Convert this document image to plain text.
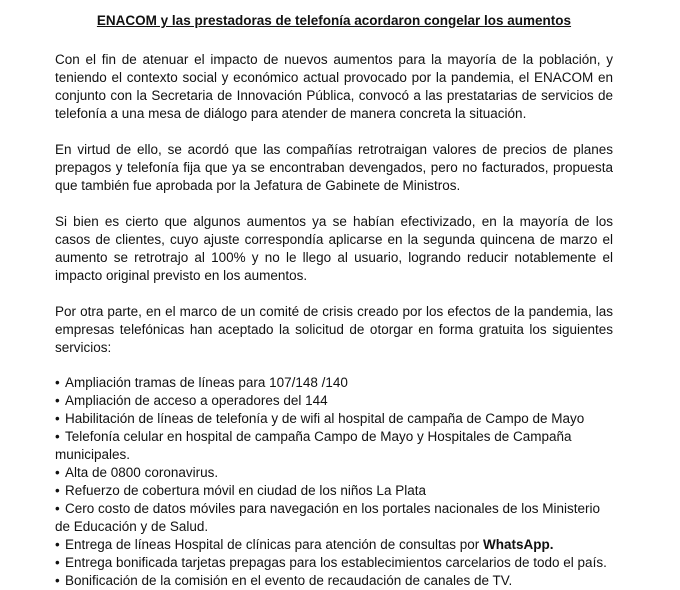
ENACOM y las prestadoras de telefonía acordaron congelar los aumentos

Con el fin de atenuar el impacto de nuevos aumentos para la mayoría de la población, y teniendo el contexto social y económico actual provocado por la pandemia, el ENACOM en conjunto con la Secretaria de Innovación Pública, convocó a las prestatarias de servicios de telefonía a una mesa de diálogo para atender de manera concreta la situación.

En virtud de ello, se acordó que las compañías retrotraigan valores de precios de planes prepagos y telefonía fija que ya se encontraban devengados, pero no facturados, propuesta que también fue aprobada por la Jefatura de Gabinete de Ministros.

Si bien es cierto que algunos aumentos ya se habían efectivizado, en la mayoría de los casos de clientes, cuyo ajuste correspondía aplicarse en la segunda quincena de marzo el aumento se retrotrajo al 100% y no le llego al usuario, logrando reducir notablemente el impacto original previsto en los aumentos.

Por otra parte, en el marco de un comité de crisis creado por los efectos de la pandemia, las empresas telefónicas han aceptado la solicitud de otorgar en forma gratuita los siguientes servicios:

• Ampliación tramas de líneas para 107/148 /140
• Ampliación de acceso a operadores del 144
• Habilitación de líneas de telefonía y de wifi al hospital de campaña de Campo de Mayo
• Telefonía celular en hospital de campaña Campo de Mayo y Hospitales de Campaña municipales.
• Alta de 0800 coronavirus.
• Refuerzo de cobertura móvil en ciudad de los niños La Plata
• Cero costo de datos móviles para navegación en los portales nacionales de los Ministerio de Educación y de Salud.
• Entrega de líneas Hospital de clínicas para atención de consultas por WhatsApp.
• Entrega bonificada tarjetas prepagas para los establecimientos carcelarios de todo el país.
• Bonificación de la comisión en el evento de recaudación de canales de TV.
